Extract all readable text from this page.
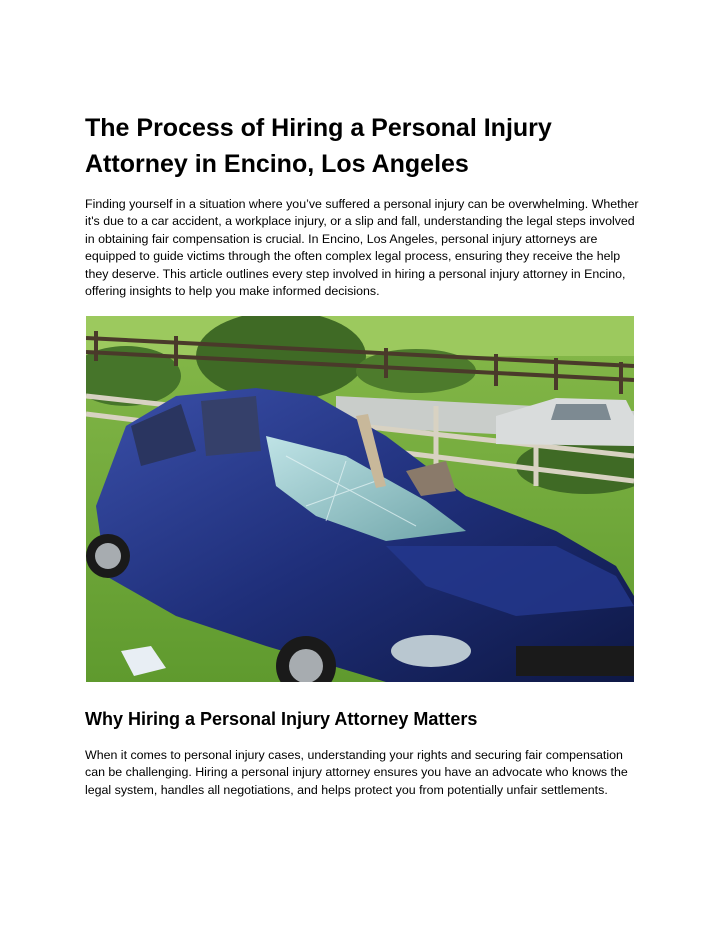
The Process of Hiring a Personal Injury Attorney in Encino, Los Angeles

Finding yourself in a situation where you’ve suffered a personal injury can be overwhelming. Whether it's due to a car accident, a workplace injury, or a slip and fall, understanding the legal steps involved in obtaining fair compensation is crucial. In Encino, Los Angeles, personal injury attorneys are equipped to guide victims through the often complex legal process, ensuring they receive the help they deserve. This article outlines every step involved in hiring a personal injury attorney in Encino, offering insights to help you make informed decisions.

Why Hiring a Personal Injury Attorney Matters

When it comes to personal injury cases, understanding your rights and securing fair compensation can be challenging. Hiring a personal injury attorney ensures you have an advocate who knows the legal system, handles all negotiations, and helps protect you from potentially unfair settlements.
